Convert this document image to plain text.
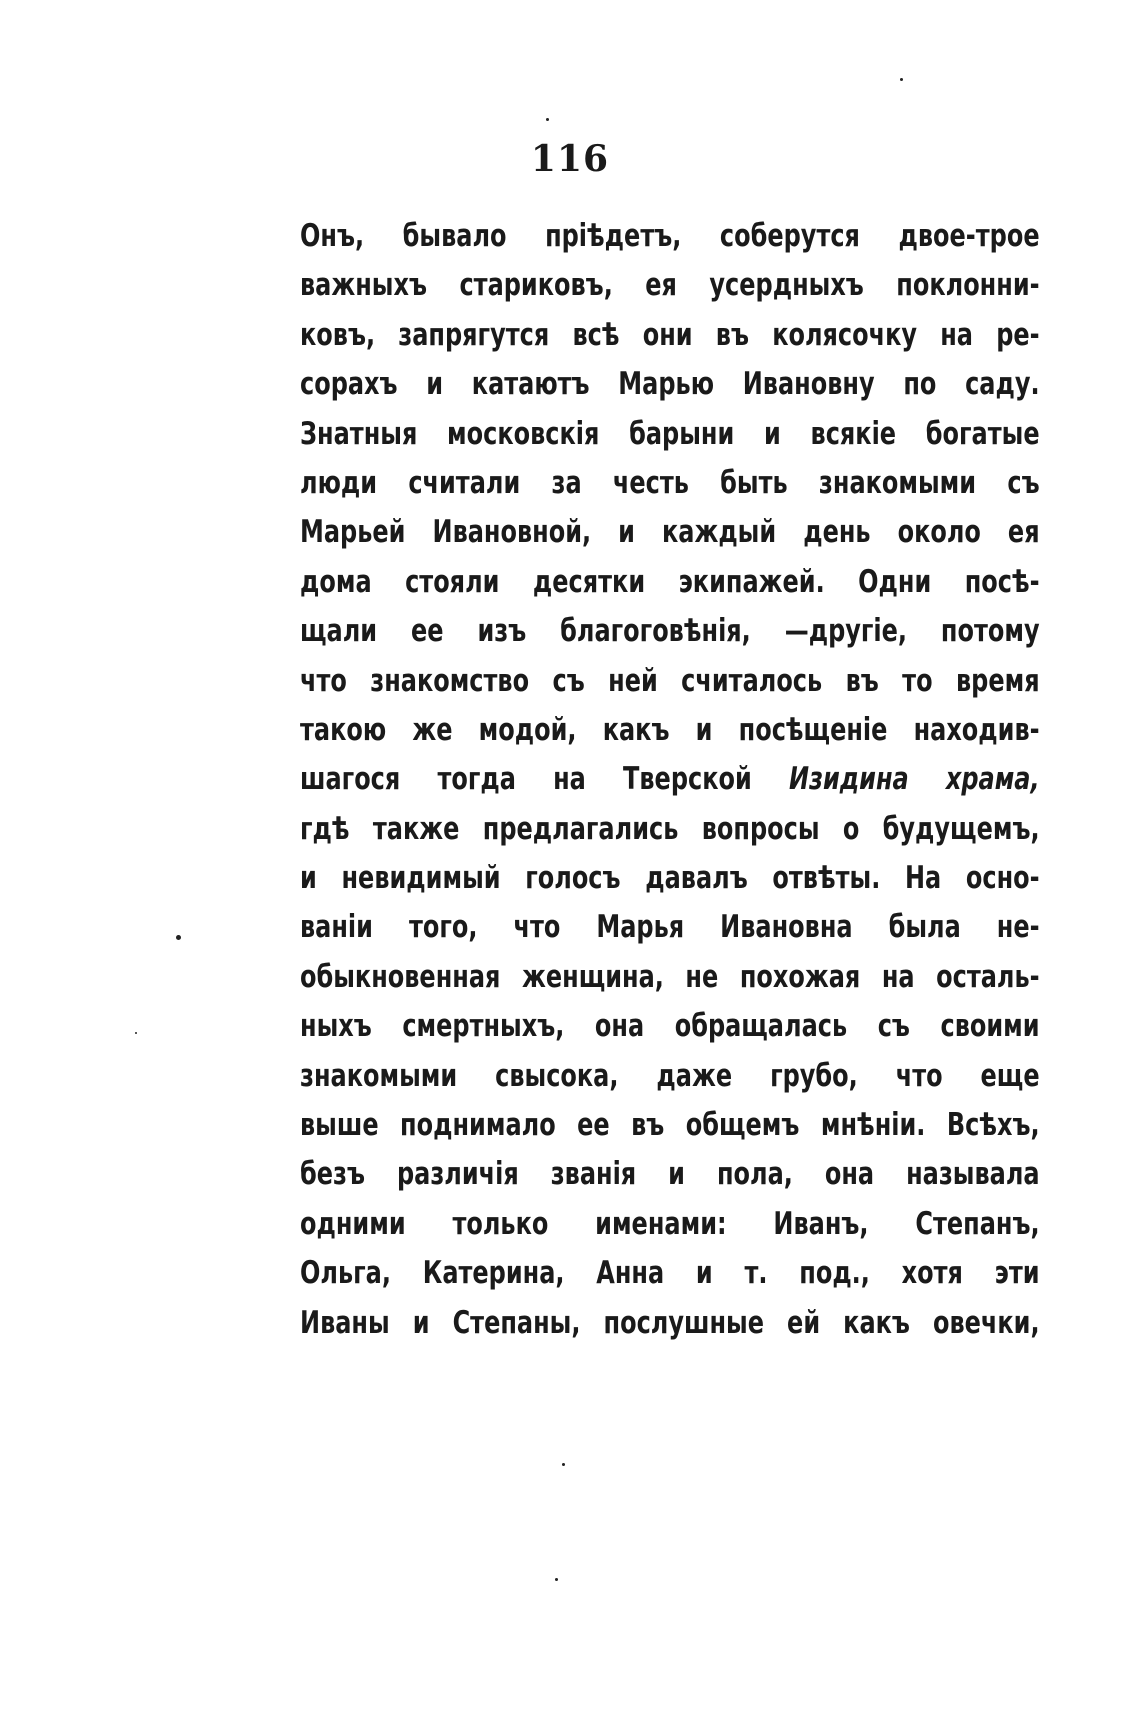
116
Онъ, бывало пріѣдетъ, соберутся двое-трое
важныхъ стариковъ, ея усердныхъ поклонни-
ковъ, запрягутся всѣ они въ колясочку на ре-
сорахъ и катаютъ Марью Ивановну по саду.
Знатныя московскія барыни и всякіе богатые
люди считали за честь быть знакомыми съ
Марьей Ивановной, и каждый день около ея
дома стояли десятки экипажей. Одни посѣ-
щали ее изъ благоговѣнія, —другіе, потому
что знакомство съ ней считалось въ то время
такою же модой, какъ и посѣщеніе находив-
шагося тогда на Тверской Изидина храма,
гдѣ также предлагались вопросы о будущемъ,
и невидимый голосъ давалъ отвѣты. На осно-
ваніи того, что Марья Ивановна была не-
обыкновенная женщина, не похожая на осталь-
ныхъ смертныхъ, она обращалась съ своими
знакомыми свысока, даже грубо, что еще
выше поднимало ее въ общемъ мнѣніи. Всѣхъ,
безъ различія званія и пола, она называла
одними только именами: Иванъ, Степанъ,
Ольга, Катерина, Анна и т. под., хотя эти
Иваны и Степаны, послушные ей какъ овечки,
